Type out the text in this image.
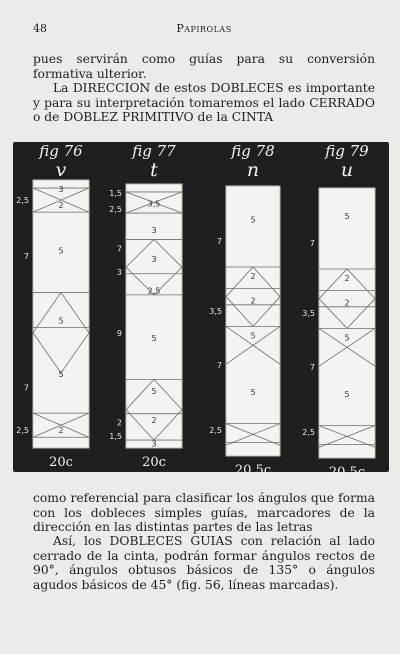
48	Papirolas

pues servirán como guías para su conversión formativa ulterior.

La DIRECCION de estos DOBLECES es importante y para su interpretación tomaremos el lado CERRADO o de DOBLEZ PRIMITIVO de la CINTA

fig 76
v
3
2,5
2
7
5
5
5
7
2
2,5
20c
fig 77
t
1,5
3,5
2,5
3
7
3
3
2,5
9
5
5
2
2
1,5
3
20c
fig 78
n
7
5
2
2
3,5
5
7
5
2,5
20,5c
fig 79
u
7
5
2
2
3,5
5
7
5
2,5
20,5c

como referencial para clasificar los ángulos que forma con los dobleces simples guías, marcadores de la dirección en las distintas partes de las letras

Así, los DOBLECES GUIAS con relación al lado cerrado de la cinta, podrán formar ángulos rectos de 90°, ángulos obtusos básicos de 135° o ángulos agudos básicos de 45° (fig. 56, líneas marcadas).
